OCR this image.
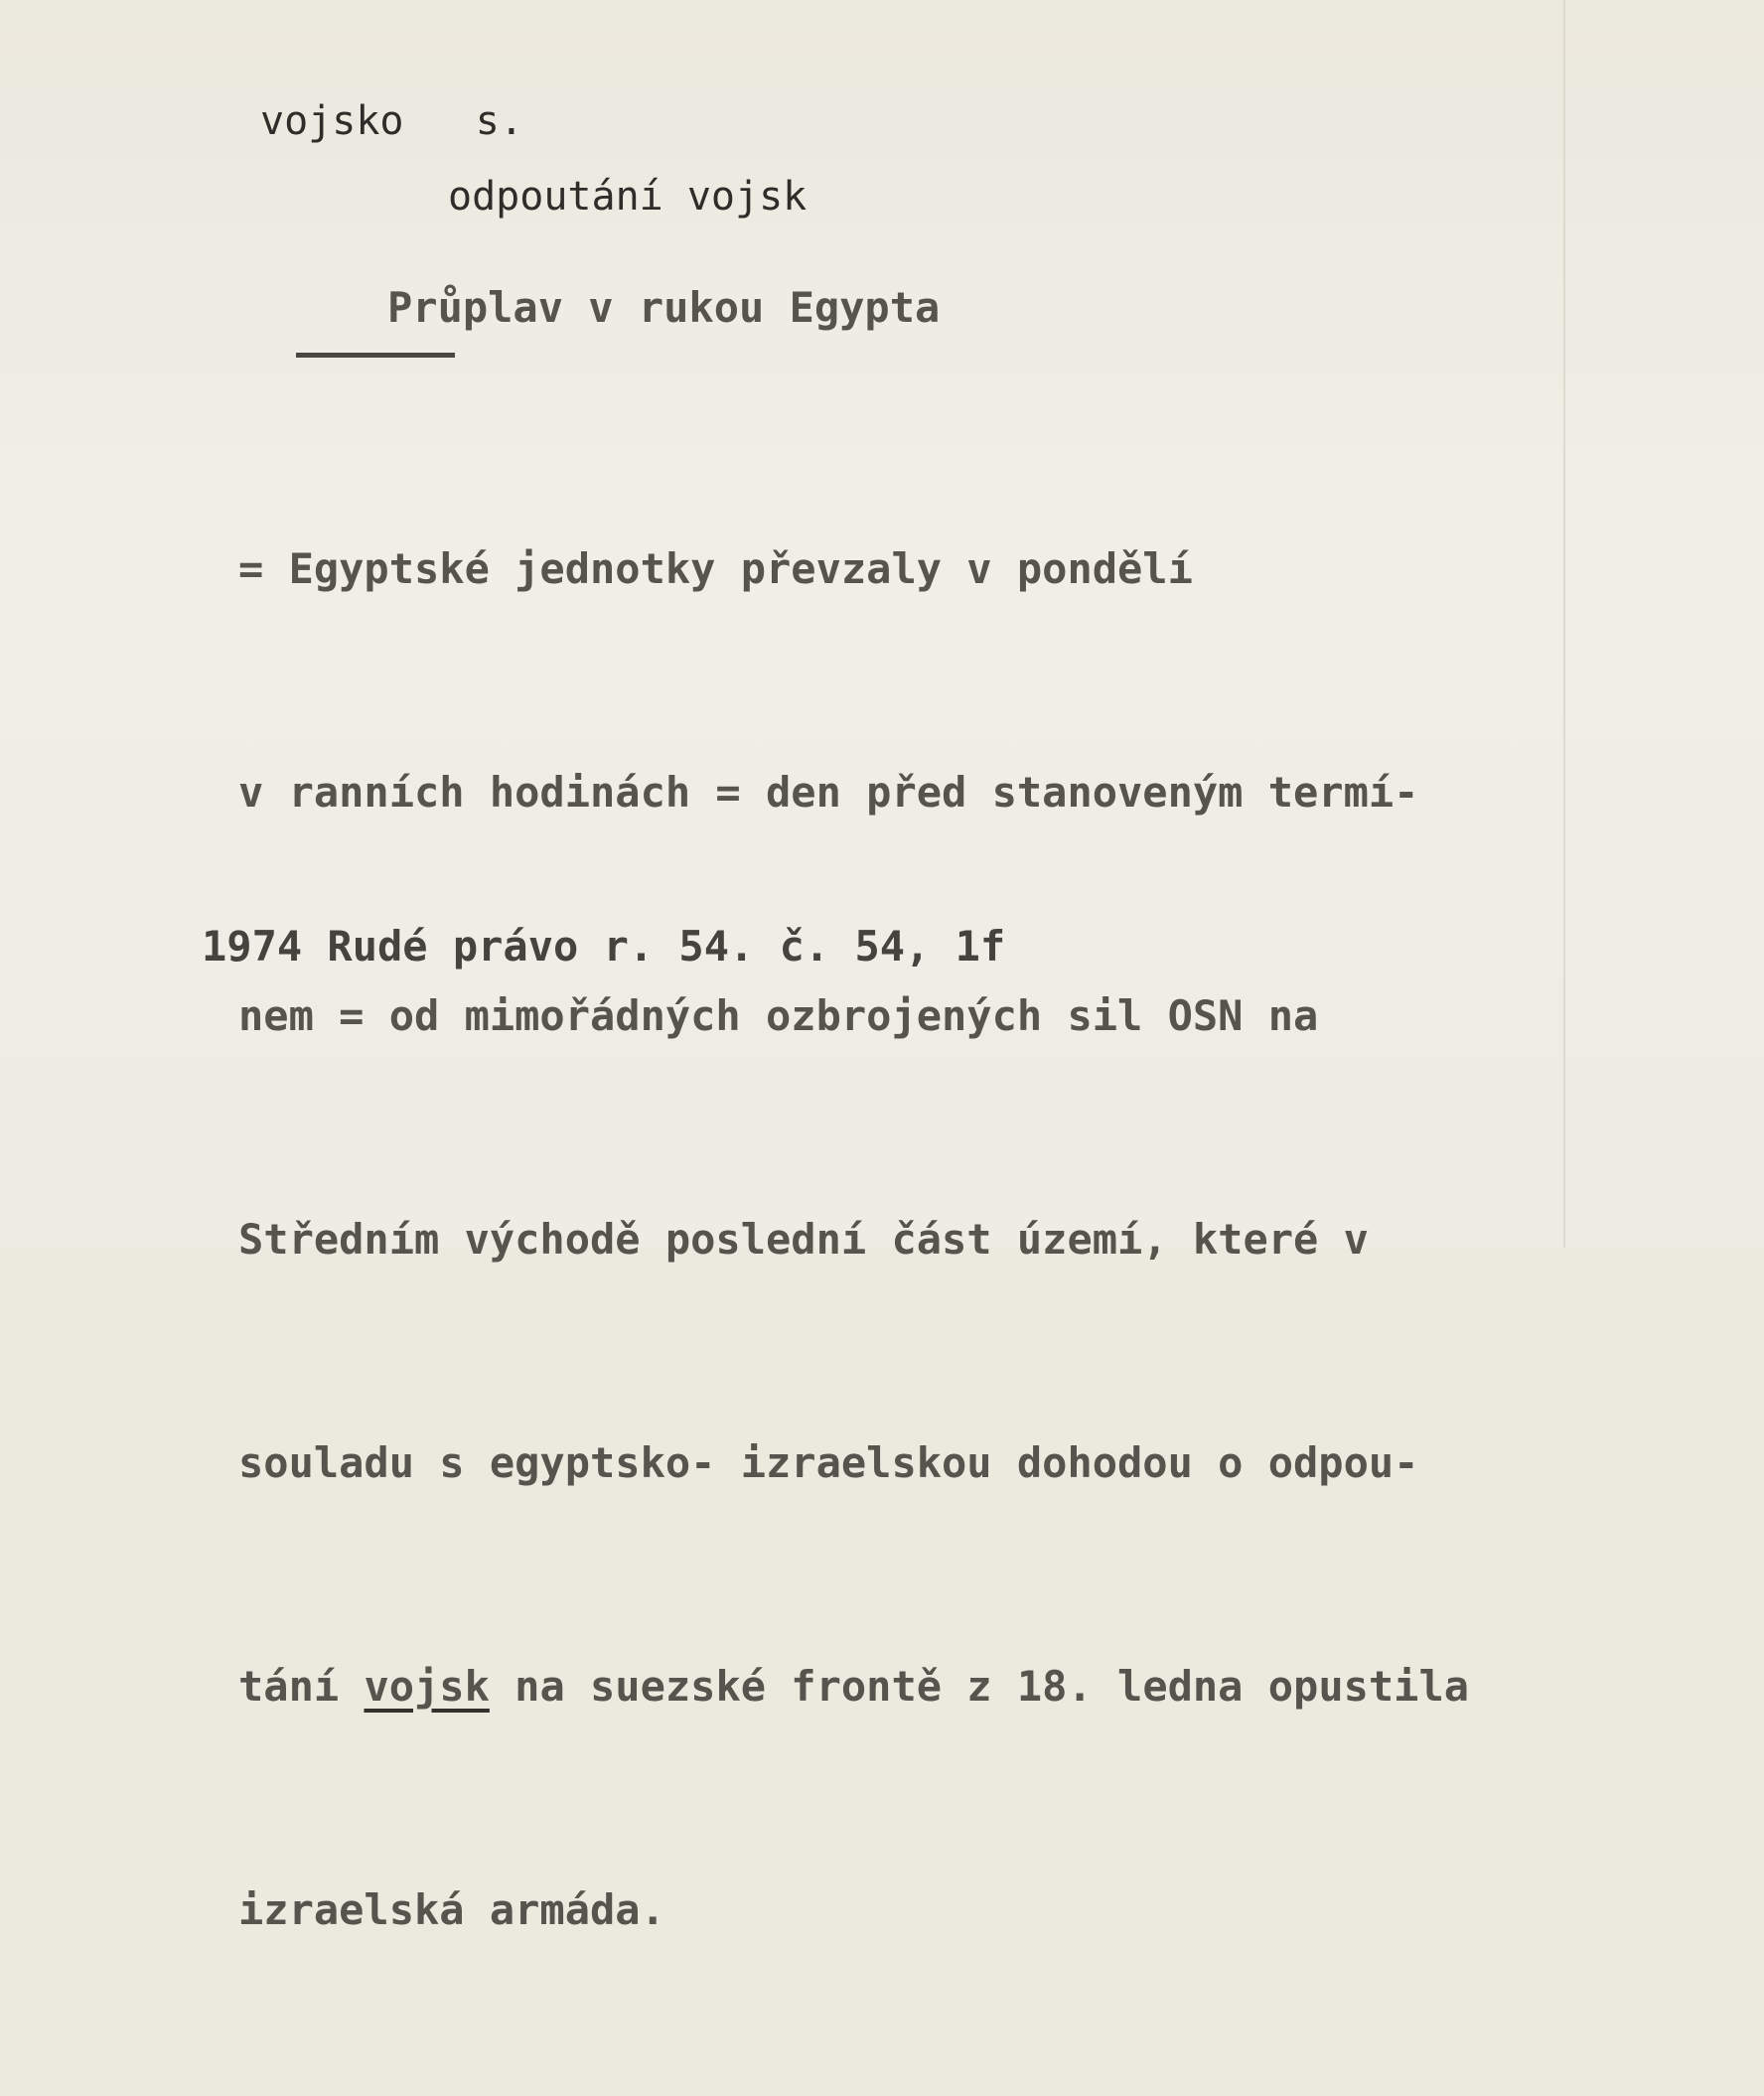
vojsko   s.

odpoutání vojsk

Průplav v rukou Egypta

= Egyptské jednotky převzaly v pondělí

v ranních hodinách = den před stanoveným termí-

nem = od mimořádných ozbrojených sil OSN na

Středním východě poslední část území, které v

souladu s egyptsko- izraelskou dohodou o odpou-

tání vojsk na suezské frontě z 18. ledna opustila

izraelská armáda.

1974 Rudé právo r. 54. č. 54, 1f
